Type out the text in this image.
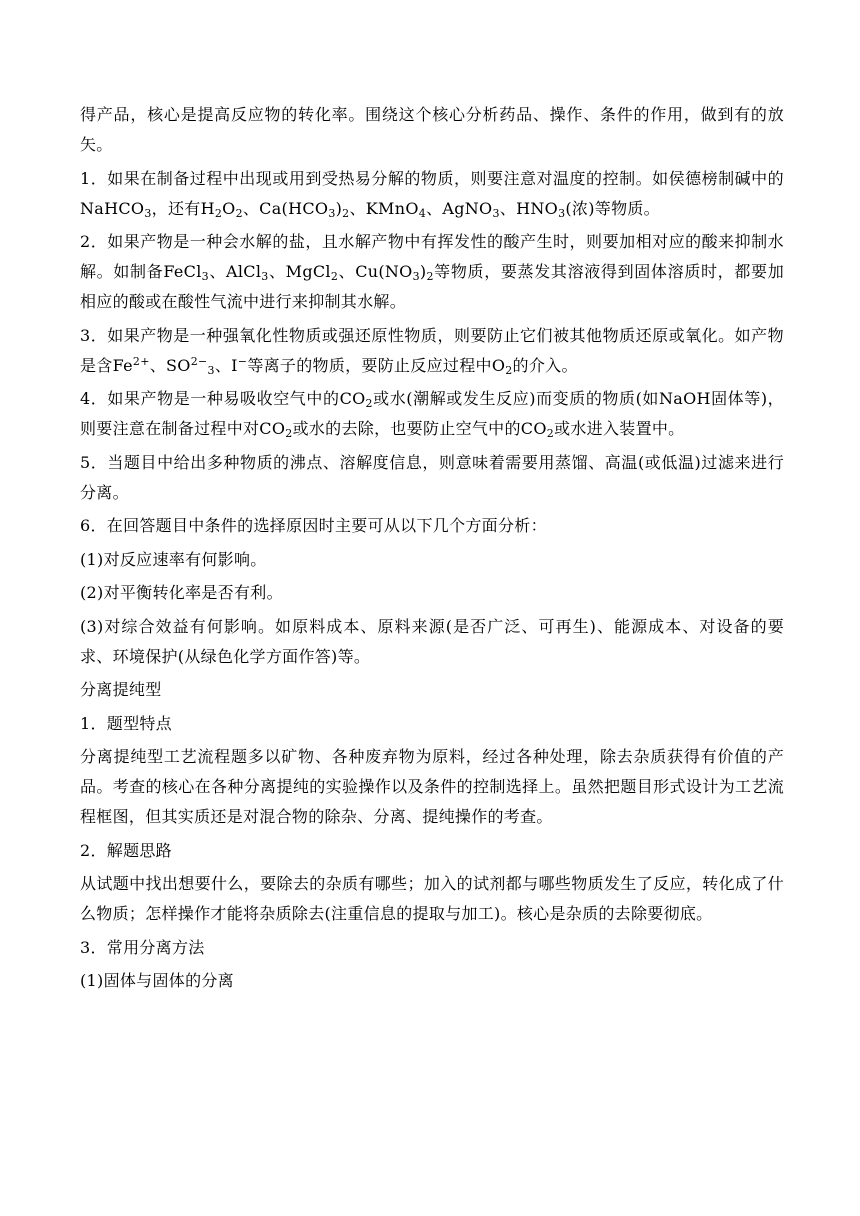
得产品，核心是提高反应物的转化率。围绕这个核心分析药品、操作、条件的作用，做到有的放矢。

1．如果在制备过程中出现或用到受热易分解的物质，则要注意对温度的控制。如侯德榜制碱中的NaHCO$_3$，还有$H_2O_2$、$Ca(HCO_3)_2$、KMnO$_4$、AgNO$_3$、$HNO_3$(浓)等物质。

2．如果产物是一种会水解的盐，且水解产物中有挥发性的酸产生时，则要加相对应的酸来抑制水解。如制备FeCl$_3$、AlCl$_3$、MgCl$_2$、$Cu(NO_3)_2$等物质，要蒸发其溶液得到固体溶质时，都要加相应的酸或在酸性气流中进行来抑制其水解。

3．如果产物是一种强氧化性物质或强还原性物质，则要防止它们被其他物质还原或氧化。如产物是含$Fe^{2+}$、$SO^{2-}_3$、I−等离子的物质，要防止反应过程中$O_2$的介入。

4．如果产物是一种易吸收空气中的$CO_2$或水(潮解或发生反应)而变质的物质(如NaOH固体等)，则要注意在制备过程中对$CO_2$或水的去除，也要防止空气中的$CO_2$或水进入装置中。

5．当题目中给出多种物质的沸点、溶解度信息，则意味着需要用蒸馏、高温(或低温)过滤来进行分离。

6．在回答题目中条件的选择原因时主要可从以下几个方面分析：

(1)对反应速率有何影响。

(2)对平衡转化率是否有利。

(3)对综合效益有何影响。如原料成本、原料来源(是否广泛、可再生)、能源成本、对设备的要求、环境保护(从绿色化学方面作答)等。

分离提纯型

1．题型特点

分离提纯型工艺流程题多以矿物、各种废弃物为原料，经过各种处理，除去杂质获得有价值的产品。考查的核心在各种分离提纯的实验操作以及条件的控制选择上。虽然把题目形式设计为工艺流程框图，但其实质还是对混合物的除杂、分离、提纯操作的考查。

2．解题思路

从试题中找出想要什么，要除去的杂质有哪些；加入的试剂都与哪些物质发生了反应，转化成了什么物质；怎样操作才能将杂质除去(注重信息的提取与加工)。核心是杂质的去除要彻底。

3．常用分离方法

(1)固体与固体的分离
